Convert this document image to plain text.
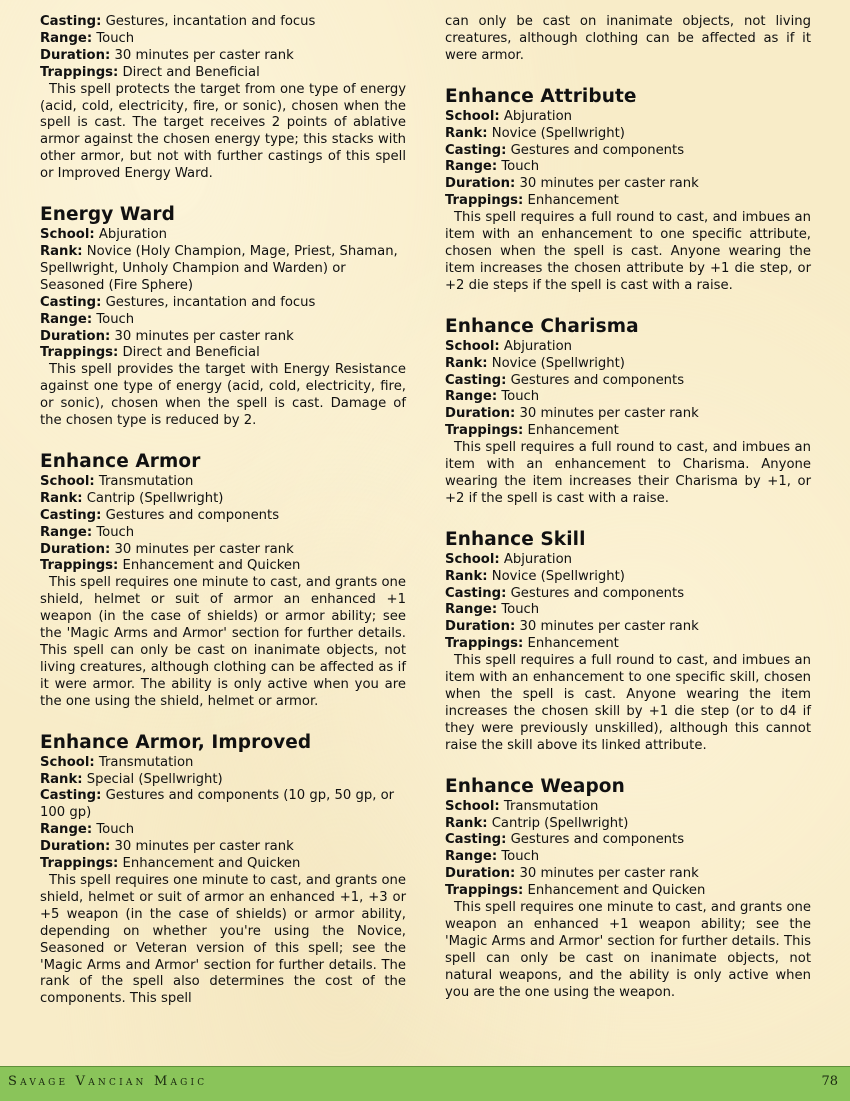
Casting: Gestures, incantation and focus

Range: Touch

Duration: 30 minutes per caster rank

Trappings: Direct and Beneficial

This spell protects the target from one type of energy (acid, cold, electricity, fire, or sonic), chosen when the spell is cast. The target receives 2 points of ablative armor against the chosen energy type; this stacks with other armor, but not with further castings of this spell or Improved Energy Ward.

Energy Ward

School: Abjuration

Rank: Novice (Holy Champion, Mage, Priest, Shaman, Spellwright, Unholy Champion and Warden) or Seasoned (Fire Sphere)

Casting: Gestures, incantation and focus

Range: Touch

Duration: 30 minutes per caster rank

Trappings: Direct and Beneficial

This spell provides the target with Energy Resistance against one type of energy (acid, cold, electricity, fire, or sonic), chosen when the spell is cast. Damage of the chosen type is reduced by 2.

Enhance Armor

School: Transmutation

Rank: Cantrip (Spellwright)

Casting: Gestures and components

Range: Touch

Duration: 30 minutes per caster rank

Trappings: Enhancement and Quicken

This spell requires one minute to cast, and grants one shield, helmet or suit of armor an enhanced +1 weapon (in the case of shields) or armor ability; see the 'Magic Arms and Armor' section for further details. This spell can only be cast on inanimate objects, not living creatures, although clothing can be affected as if it were armor. The ability is only active when you are the one using the shield, helmet or armor.

Enhance Armor, Improved

School: Transmutation

Rank: Special (Spellwright)

Casting: Gestures and components (10 gp, 50 gp, or 100 gp)

Range: Touch

Duration: 30 minutes per caster rank

Trappings: Enhancement and Quicken

This spell requires one minute to cast, and grants one shield, helmet or suit of armor an enhanced +1, +3 or +5 weapon (in the case of shields) or armor ability, depending on whether you're using the Novice, Seasoned or Veteran version of this spell; see the 'Magic Arms and Armor' section for further details. The rank of the spell also determines the cost of the components. This spell

can only be cast on inanimate objects, not living creatures, although clothing can be affected as if it were armor.

Enhance Attribute

School: Abjuration

Rank: Novice (Spellwright)

Casting: Gestures and components

Range: Touch

Duration: 30 minutes per caster rank

Trappings: Enhancement

This spell requires a full round to cast, and imbues an item with an enhancement to one specific attribute, chosen when the spell is cast. Anyone wearing the item increases the chosen attribute by +1 die step, or +2 die steps if the spell is cast with a raise.

Enhance Charisma

School: Abjuration

Rank: Novice (Spellwright)

Casting: Gestures and components

Range: Touch

Duration: 30 minutes per caster rank

Trappings: Enhancement

This spell requires a full round to cast, and imbues an item with an enhancement to Charisma. Anyone wearing the item increases their Charisma by +1, or +2 if the spell is cast with a raise.

Enhance Skill

School: Abjuration

Rank: Novice (Spellwright)

Casting: Gestures and components

Range: Touch

Duration: 30 minutes per caster rank

Trappings: Enhancement

This spell requires a full round to cast, and imbues an item with an enhancement to one specific skill, chosen when the spell is cast. Anyone wearing the item increases the chosen skill by +1 die step (or to d4 if they were previously unskilled), although this cannot raise the skill above its linked attribute.

Enhance Weapon

School: Transmutation

Rank: Cantrip (Spellwright)

Casting: Gestures and components

Range: Touch

Duration: 30 minutes per caster rank

Trappings: Enhancement and Quicken

This spell requires one minute to cast, and grants one weapon an enhanced +1 weapon ability; see the 'Magic Arms and Armor' section for further details. This spell can only be cast on inanimate objects, not natural weapons, and the ability is only active when you are the one using the weapon.

Savage Vancian Magic	78
